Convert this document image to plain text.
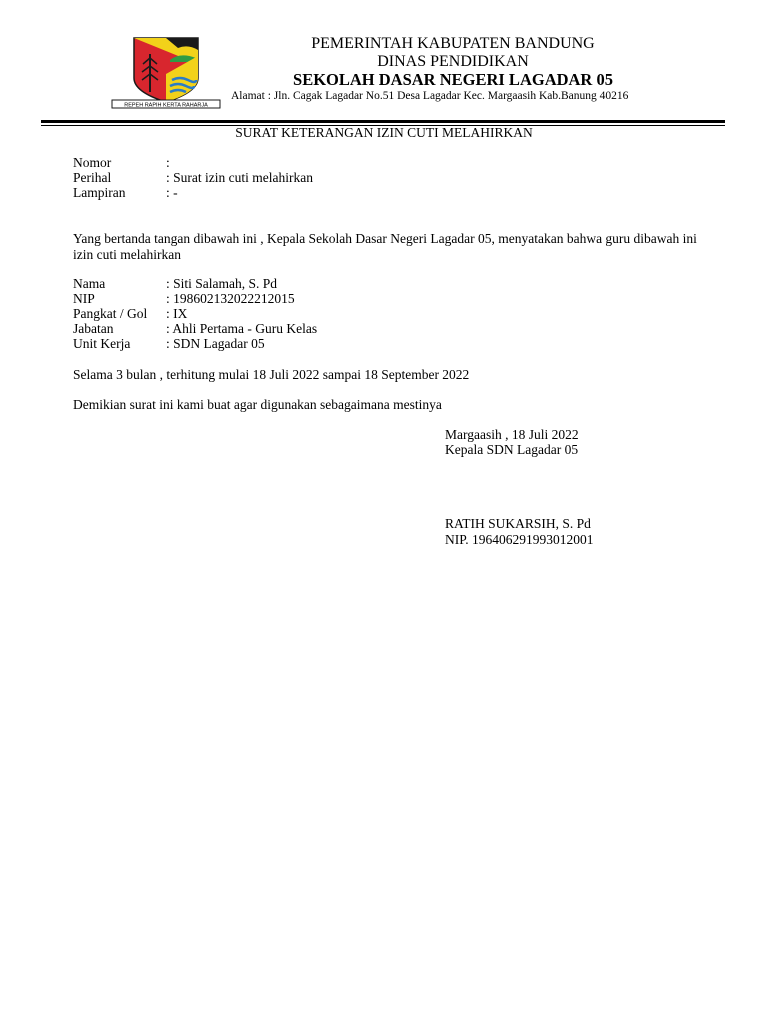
REPEH RAPIH KERTA RAHARJA
PEMERINTAH KABUPATEN BANDUNG
DINAS PENDIDIKAN
SEKOLAH DASAR NEGERI LAGADAR 05
Alamat : Jln. Cagak Lagadar No.51 Desa Lagadar Kec. Margaasih Kab.Banung 40216
SURAT KETERANGAN IZIN CUTI MELAHIRKAN
Nomor	:
Perihal	: Surat izin cuti melahirkan
Lampiran	: -
Yang bertanda tangan dibawah ini , Kepala Sekolah Dasar Negeri Lagadar 05, menyatakan bahwa guru dibawah ini izin cuti melahirkan
Nama	: Siti Salamah, S. Pd
NIP	: 198602132022212015
Pangkat / Gol : IX
Jabatan	: Ahli Pertama - Guru Kelas
Unit Kerja	: SDN Lagadar 05
Selama 3 bulan , terhitung mulai 18 Juli 2022 sampai 18 September 2022
Demikian surat ini kami buat agar digunakan sebagaimana mestinya
Margaasih , 18 Juli 2022
Kepala SDN Lagadar 05
RATIH SUKARSIH, S. Pd
NIP. 196406291993012001
